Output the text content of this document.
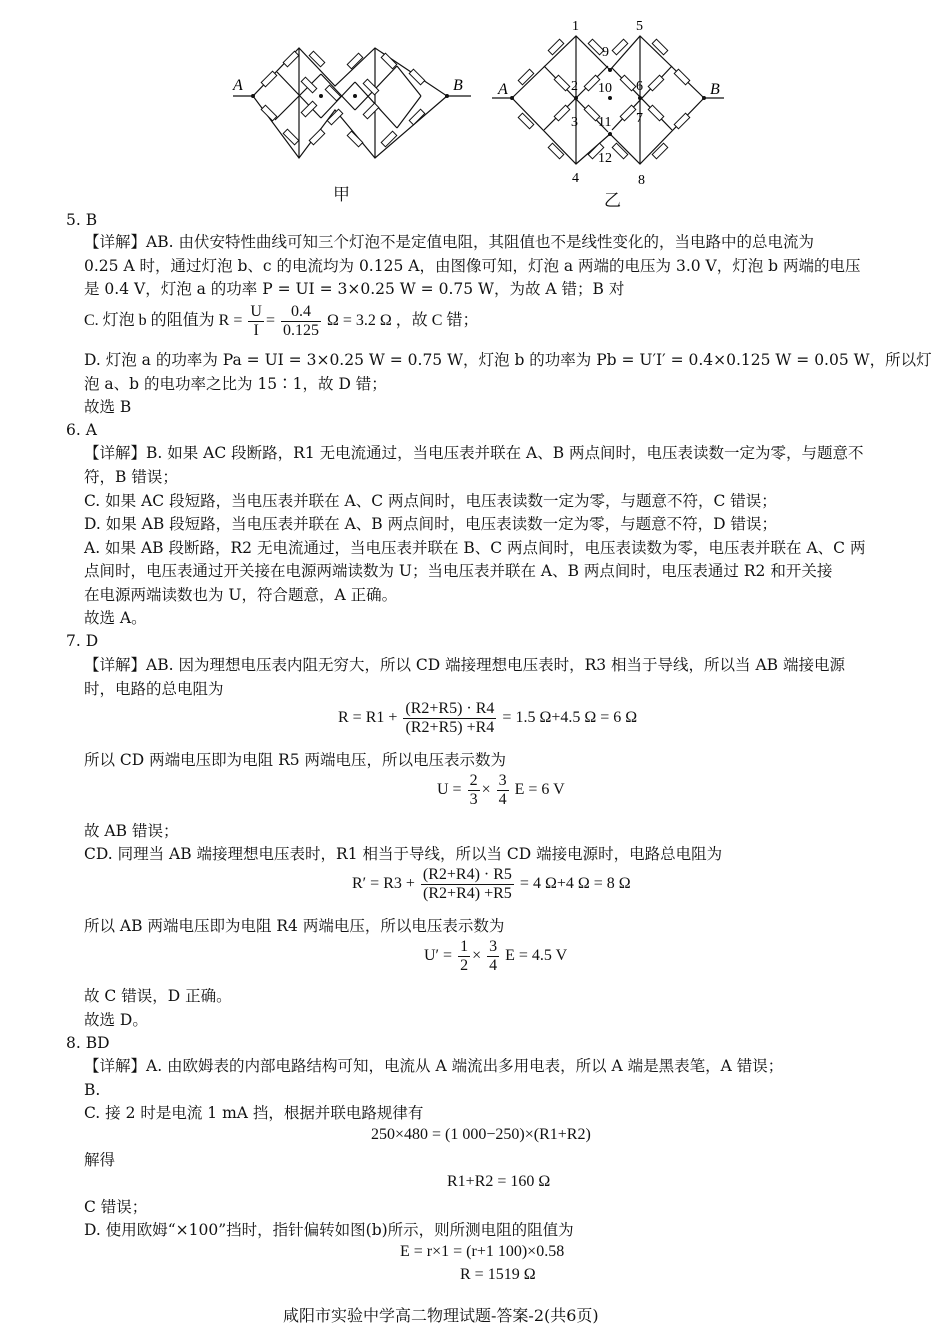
A	B
甲
A	B
1
2
3
4
5
6
7
8
9
10
11
12
乙
5. B
【详解】AB. 由伏安特性曲线可知三个灯泡不是定值电阻，其阻值也不是线性变化的，当电路中的总电流为
0.25 A 时，通过灯泡 b、c 的电流均为 0.125 A，由图像可知，灯泡 a 两端的电压为 3.0 V，灯泡 b 两端的电压
是 0.4 V，灯泡 a 的功率 P = UI = 3×0.25 W = 0.75 W，为故 A 错；B 对
C. 灯泡 b 的阻值为 $R = \frac{U}{I} = \frac{0.4}{0.125}$ Ω = 3.2 Ω ，故 C 错；
D. 灯泡 a 的功率为 Pa = UI = 3×0.25 W = 0.75 W，灯泡 b 的功率为 Pb = U′I′ = 0.4×0.125 W = 0.05 W，所以灯
泡 a、b 的电功率之比为 15∶1，故 D 错；
故选 B
6. A
【详解】B. 如果 AC 段断路，R1 无电流通过，当电压表并联在 A、B 两点间时，电压表读数一定为零，与题意不
符，B 错误；
C. 如果 AC 段短路，当电压表并联在 A、C 两点间时，电压表读数一定为零，与题意不符，C 错误；
D. 如果 AB 段短路，当电压表并联在 A、B 两点间时，电压表读数一定为零，与题意不符，D 错误；
A. 如果 AB 段断路，R2 无电流通过，当电压表并联在 B、C 两点间时，电压表读数为零，电压表并联在 A、C 两
点间时，电压表通过开关接在电源两端读数为 U；当电压表并联在 A、B 两点间时，电压表通过 R2 和开关接
在电源两端读数也为 U，符合题意，A 正确。
故选 A。
7. D
【详解】AB. 因为理想电压表内阻无穷大，所以 CD 端接理想电压表时，R3 相当于导线，所以当 AB 端接电源
时，电路的总电阻为
$R = R1 + \frac{(R2+R5) \cdot R4}{(R2+R5) +R4} = 1.5$ Ω+4.5 Ω = 6 Ω
所以 CD 两端电压即为电阻 R5 两端电压，所以电压表示数为
$U = \frac{2}{3} \times \frac{3}{4}$ E = 6 V
故 AB 错误；
CD. 同理当 AB 端接理想电压表时，R1 相当于导线，所以当 CD 端接电源时，电路总电阻为
$R' = R3 + \frac{(R2+R4) \cdot R5}{(R2+R4) +R5} = 4$ Ω+4 Ω = 8 Ω
所以 AB 两端电压即为电阻 R4 两端电压，所以电压表示数为
$U' = \frac{1}{2} \times \frac{3}{4}$ E = 4.5 V
故 C 错误，D 正确。
故选 D。
8. BD
【详解】A. 由欧姆表的内部电路结构可知，电流从 A 端流出多用电表，所以 A 端是黑表笔，A 错误；
B.
C. 接 2 时是电流 1 mA 挡，根据并联电路规律有
250×480 = (1 000−250)×(R1+R2)
解得
R1+R2 = 160 Ω
C 错误；
D. 使用欧姆“×100”挡时，指针偏转如图(b)所示，则所测电阻的阻值为
E = r×1 = (r+1 100)×0.58
R = 1519 Ω
咸阳市实验中学高二物理试题-答案-2(共6页)
